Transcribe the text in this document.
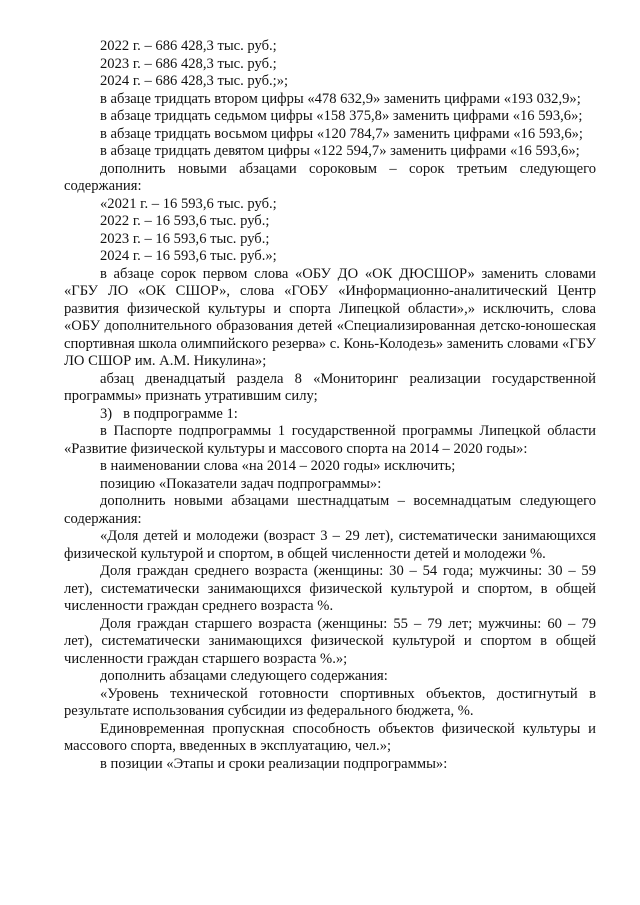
2022 г. – 686 428,3 тыс. руб.;

2023 г. – 686 428,3 тыс. руб.;

2024 г. – 686 428,3 тыс. руб.;»;

в абзаце тридцать втором цифры «478 632,9» заменить цифрами «193 032,9»;

в абзаце тридцать седьмом цифры «158 375,8» заменить цифрами «16 593,6»;

в абзаце тридцать восьмом цифры «120 784,7» заменить цифрами «16 593,6»;

в абзаце тридцать девятом цифры «122 594,7» заменить цифрами «16 593,6»;

дополнить новыми абзацами сороковым – сорок третьим следующего содержания:

«2021 г. – 16 593,6 тыс. руб.;

2022 г. – 16 593,6 тыс. руб.;

2023 г. – 16 593,6 тыс. руб.;

2024 г. – 16 593,6 тыс. руб.»;

в абзаце сорок первом слова «ОБУ ДО «ОК ДЮСШОР» заменить словами «ГБУ ЛО «ОК СШОР», слова «ГОБУ «Информационно-аналитический Центр развития физической культуры и спорта Липецкой области»,» исключить, слова «ОБУ дополнительного образования детей «Специализированная детско-юношеская спортивная школа олимпийского резерва» с. Конь-Колодезь» заменить словами «ГБУ ЛО СШОР им. А.М. Никулина»;

абзац двенадцатый раздела 8 «Мониторинг реализации государственной программы» признать утратившим силу;

3)   в подпрограмме 1:

в Паспорте подпрограммы 1 государственной программы Липецкой области «Развитие физической культуры и массового спорта на 2014 – 2020 годы»:

в наименовании слова «на 2014 – 2020 годы» исключить;

позицию «Показатели задач подпрограммы»:

дополнить новыми абзацами шестнадцатым – восемнадцатым следующего содержания:

«Доля детей и молодежи (возраст 3 – 29 лет), систематически занимающихся физической культурой и спортом, в общей численности детей и молодежи %.

Доля граждан среднего возраста (женщины: 30 – 54 года; мужчины: 30 – 59 лет), систематически занимающихся физической культурой и спортом, в общей численности граждан среднего возраста %.

Доля граждан старшего возраста (женщины: 55 – 79 лет; мужчины: 60 – 79 лет), систематически занимающихся физической культурой и спортом в общей численности граждан старшего возраста %.»;

дополнить абзацами следующего содержания:

«Уровень технической готовности спортивных объектов, достигнутый в результате использования субсидии из федерального бюджета, %.

Единовременная пропускная способность объектов физической культуры и массового спорта, введенных в эксплуатацию, чел.»;

в позиции «Этапы и сроки реализации подпрограммы»:
